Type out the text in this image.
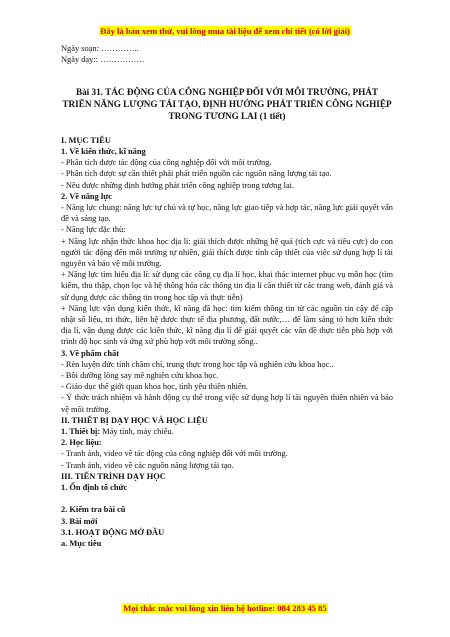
Đây là bản xem thử, vui lòng mua tài liệu để xem chi tiết (có lời giải)

Ngày soạn: …………..

Ngày dạy:: …………….

Bài 31. TÁC ĐỘNG CỦA CÔNG NGHIỆP ĐỐI VỚI MÔI TRƯỜNG, PHÁT TRIỂN NĂNG LƯỢNG TÁI TẠO, ĐỊNH HƯỚNG PHÁT TRIỂN CÔNG NGHIỆP TRONG TƯƠNG LAI (1 tiết)

I. MỤC TIÊU

1. Về kiến thức, kĩ năng

- Phân tích được tác động của công nghiệp đối với môi trường.

- Phân tích được sự cần thiết phải phát triển nguồn các nguồn năng lượng tái tạo.

- Nêu được những định hướng phát triển công nghiệp trong tương lai.

2. Về năng lực

- Năng lực chung: năng lực tự chủ và tự học, năng lực giao tiếp và hợp tác, năng lực giải quyết vấn đề và sáng tạo.

- Năng lực đặc thù:

+ Năng lực nhận thức khoa học địa lí: giải thích được những hệ quả (tích cực và tiêu cực) do con người tác động đến môi trường tự nhiên, giải thích được tính cấp thiết của việc sử dụng hợp lí tài nguyên và bảo vệ môi trường.

+ Năng lực tìm hiểu địa lí: sử dụng các công cụ địa lí học, khai thác internet phục vụ môn học (tìm kiếm, thu thập, chọn lọc và hệ thống hóa các thông tin địa lí cần thiết từ các trang web, đánh giá và sử dụng được các thông tin trong học tập và thực tiễn)

+ Năng lực vận dụng kiến thức, kĩ năng đã học: tìm kiếm thông tin từ các nguồn tin cậy để cập nhật số liệu, tri thức, liên hệ được thực tế địa phương, đất nước,… để làm sáng tỏ hơn kiến thức địa lí, vận dụng được các kiến thức, kĩ năng địa lí để giải quyết các vấn đề thực tiễn phù hợp với trình độ học sinh và ứng xử phù hợp với môi trường sống..

3. Về phẩm chất

- Rèn luyện đức tính chăm chỉ, trung thực trong học tập và nghiên cứu khoa học..

- Bồi dưỡng lòng say mê nghiên cứu khoa học.

- Giáo dục thế giới quan khoa học, tình yêu thiên nhiên.

- Ý thức trách nhiệm và hành động cụ thể trong việc sử dụng hợp lí tài nguyên thiên nhiên và bảo vệ môi trường.

II. THIẾT BỊ DẠY HỌC VÀ HỌC LIỆU

1. Thiết bị: Máy tính, máy chiếu.

2. Học liệu:

- Tranh ảnh, video về tác động của công nghiệp đối với môi trường.

- Tranh ảnh, video về các nguồn năng lượng tái tạo.

III. TIẾN TRÌNH DẠY HỌC

1. Ổn định tổ chức

2. Kiểm tra bài cũ

3. Bài mới

3.1. HOẠT ĐỘNG MỞ ĐẦU

a. Mục tiêu

Mọi thắc mắc vui lòng xin liên hệ hotline: 084 283 45 85
